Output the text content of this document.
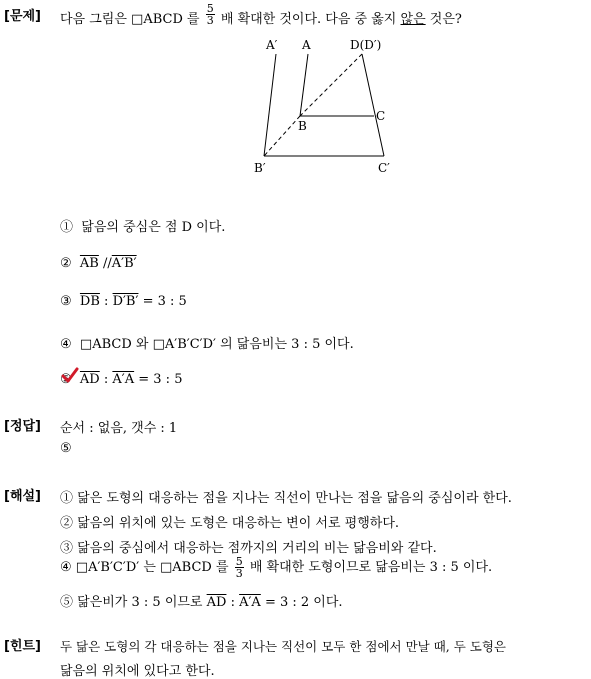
[문제] 다음 그림은 □ABCD 를 $\frac{5}{3}$ 배 확대한 것이다. 다음 중 옳지 않은 것은?
A′ A	D(D′)
B
C
B′	C′
① 닮음의 중심은 점 D 이다.
② $\overline{AB}$ //A′B′
③ $\overline{DB}$ : D′B′ = 3 : 5
④ □ABCD 와 □A′B′C′D′ 의 닮음비는 3 : 5 이다.
⑤ $\overline{AD}$ : A′A = 3 : 5
[정답] 순서 : 없음, 갯수 : 1
⑤
[해설] ① 닮은 도형의 대응하는 점을 지나는 직선이 만나는 점을 닮음의 중심이라 한다.
② 닮음의 위치에 있는 도형은 대응하는 변이 서로 평행하다.
③ 닮음의 중심에서 대응하는 점까지의 거리의 비는 닮음비와 같다.
④ □A′B′C′D′ 는 □ABCD 를 $\frac{5}{3}$ 배 확대한 도형이므로 닮음비는 3 : 5 이다.
⑤ 닮은비가 3 : 5 이므로 $\overline{AD}$ : A′A = 3 : 2 이다.
[힌트] 두 닮은 도형의 각 대응하는 점을 지나는 직선이 모두 한 점에서 만날 때, 두 도형은
닮음의 위치에 있다고 한다.
